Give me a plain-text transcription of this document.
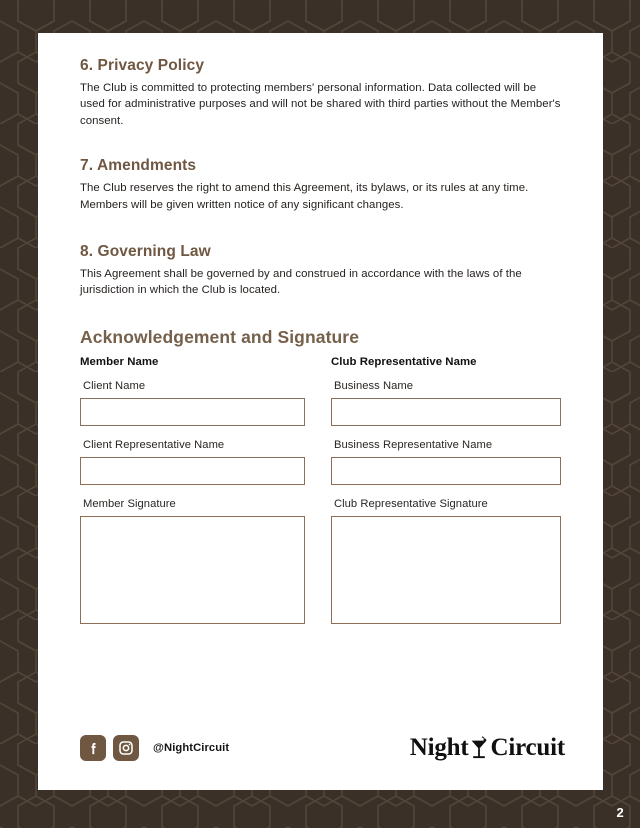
2
6. Privacy Policy

The Club is committed to protecting members' personal information. Data collected will be used for administrative purposes and will not be shared with third parties without the Member's consent.

7. Amendments

The Club reserves the right to amend this Agreement, its bylaws, or its rules at any time. Members will be given written notice of any significant changes.

8. Governing Law

This Agreement shall be governed by and construed in accordance with the laws of the jurisdiction in which the Club is located.

Acknowledgement and Signature
Member Name
Client Name
Client Representative Name
Member Signature
Club Representative Name
Business Name
Business Representative Name
Club Representative Signature
@NightCircuit	Night Circuit
